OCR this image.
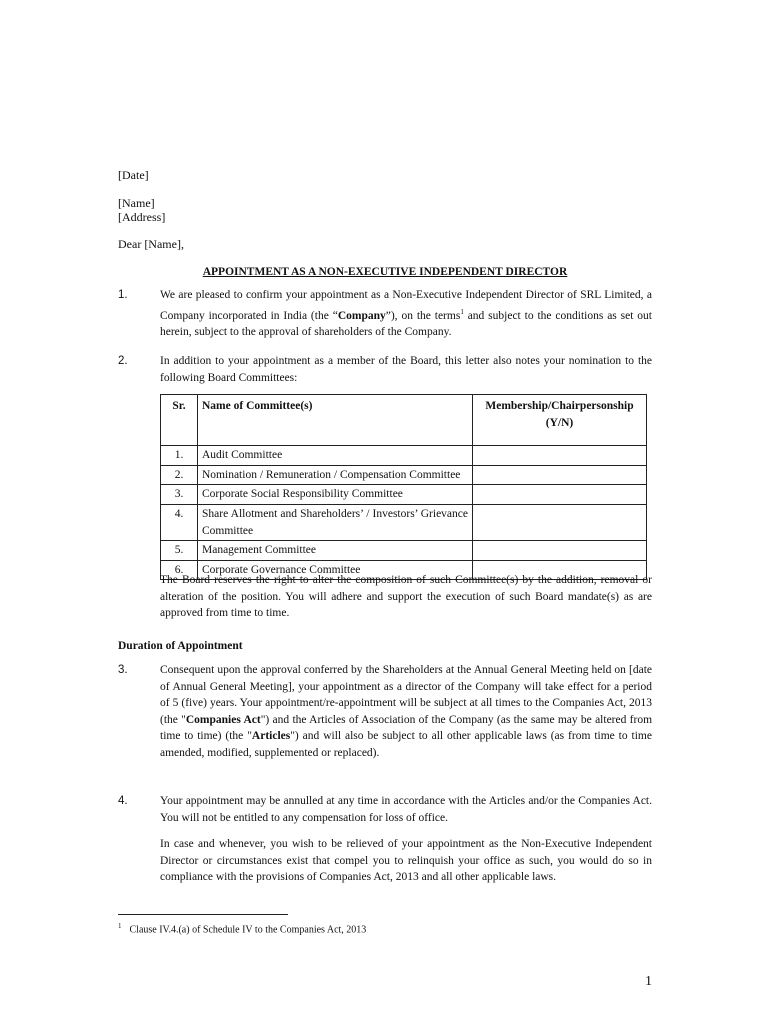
[Date]
[Name]
[Address]
Dear [Name],
APPOINTMENT AS A NON-EXECUTIVE INDEPENDENT DIRECTOR
1.	We are pleased to confirm your appointment as a Non-Executive Independent Director of SRL Limited, a Company incorporated in India (the “Company”), on the terms$^1$ and subject to the conditions as set out herein, subject to the approval of shareholders of the Company.

2.	In addition to your appointment as a member of the Board, this letter also notes your nomination to the following Board Committees:

Sr.	Name of Committee(s)	Membership/Chairpersonship (Y/N)
1.	Audit Committee	
2.	Nomination / Remuneration / Compensation Committee	
3.	Corporate Social Responsibility Committee	
4.	Share Allotment and Shareholders’ / Investors’ Grievance Committee	
5.	Management Committee	
6.	Corporate Governance Committee	

The Board reserves the right to alter the composition of such Committee(s) by the addition, removal or alteration of the position. You will adhere and support the execution of such Board mandate(s) as are approved from time to time.

Duration of Appointment
3.	Consequent upon the approval conferred by the Shareholders at the Annual General Meeting held on [date of Annual General Meeting], your appointment as a director of the Company will take effect for a period of 5 (five) years. Your appointment/re-appointment will be subject at all times to the Companies Act, 2013 (the "Companies Act") and the Articles of Association of the Company (as the same may be altered from time to time) (the "Articles") and will also be subject to all other applicable laws (as from time to time amended, modified, supplemented or replaced).

4.	Your appointment may be annulled at any time in accordance with the Articles and/or the Companies Act. You will not be entitled to any compensation for loss of office.

In case and whenever, you wish to be relieved of your appointment as the Non-Executive Independent Director or circumstances exist that compel you to relinquish your office as such, you would do so in compliance with the provisions of Companies Act, 2013 and all other applicable laws.

$^1$ Clause IV.4.(a) of Schedule IV to the Companies Act, 2013
1
